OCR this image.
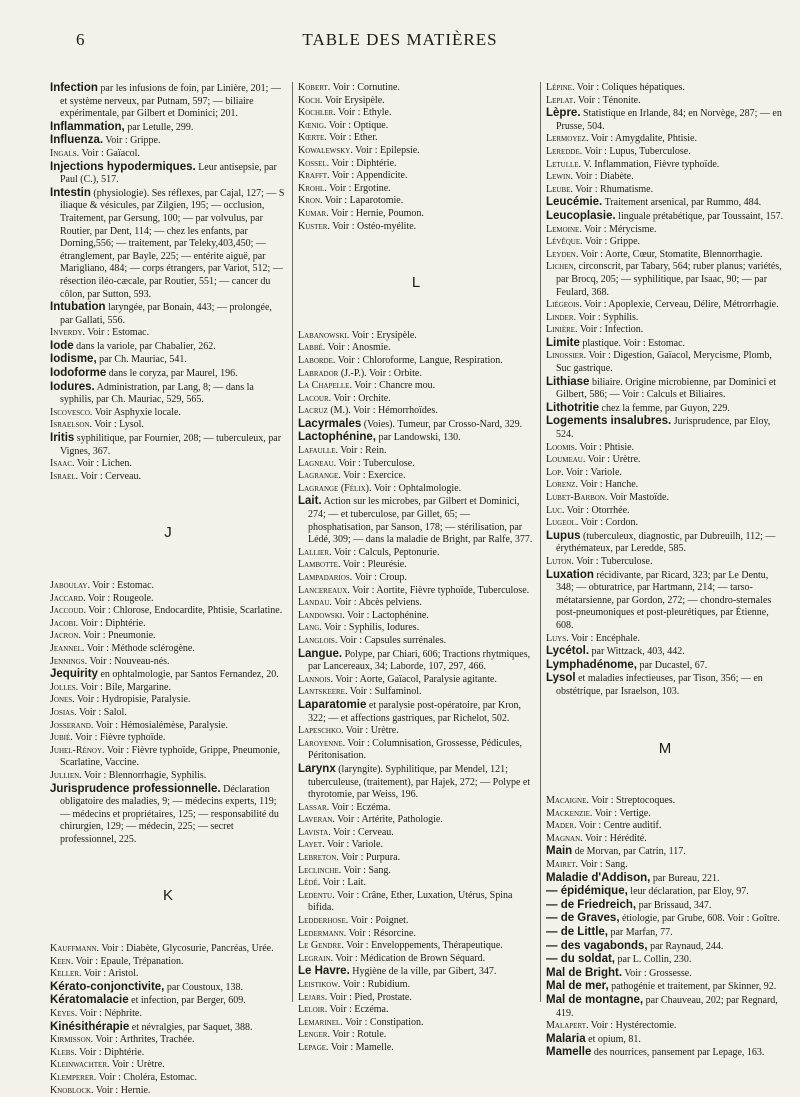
6	TABLE DES MATIÈRES

Infection par les infusions de foin, par Linière, 201; — et système nerveux, par Putnam, 597; — biliaire expérimentale, par Gilbert et Dominici; 201.

Inflammation, par Letulle, 299.

Influenza. Voir : Grippe.

Ingals. Voir : Gaïacol.

Injections hypodermiques. Leur antisepsie, par Paul (C.), 517.

Intestin (physiologie). Ses réflexes, par Cajal, 127; — S iliaque & vésicules, par Zilgien, 195; — occlusion, Traitement, par Gersung, 100; — par volvulus, par Routier, par Dent, 114; — chez les enfants, par Dorning,556; — traitement, par Teleky,403,450; — étranglement, par Bayle, 225; — entérite aiguë, par Marigliano, 484; — corps étrangers, par Variot, 512; — résection iléo-cæcale, par Routier, 551; — cancer du côlon, par Sutton, 593.

Intubation laryngée, par Bonain, 443; — prolongée, par Gallati, 556.

Inverdy. Voir : Estomac.

Iode dans la variole, par Chabalier, 262.

Iodisme, par Ch. Mauriac, 541.

Iodoforme dans le coryza, par Maurel, 196.

Iodures. Administration, par Lang, 8; — dans la syphilis, par Ch. Mauriac, 529, 565.

Iscovesco. Voir Asphyxie locale.

Israelson. Voir : Lysol.

Iritis syphilitique, par Fournier, 208; — tuberculeux, par Vignes, 367.

Isaac. Voir : Lichen.

Israel. Voir : Cerveau.

J

Jaboulay. Voir : Estomac.

Jaccard. Voir : Rougeole.

Jaccoud. Voir : Chlorose, Endocardite, Phtisie, Scarlatine.

Jacobi. Voir : Diphtérie.

Jacron. Voir : Pneumonie.

Jeannel. Voir : Méthode sclérogène.

Jennings. Voir : Nouveau-nés.

Jequirity en ophtalmologie, par Santos Fernandez, 20.

Jolles. Voir : Bile, Margarine.

Jones. Voir : Hydropisie, Paralysie.

Josias. Voir : Salol.

Josserand. Voir : Hémosialémèse, Paralysie.

Jubié. Voir : Fièvre typhoïde.

Juhel-Rénoy. Voir : Fièvre typhoïde, Grippe, Pneumonie, Scarlatine, Vaccine.

Jullien. Voir : Blennorrhagie, Syphilis.

Jurisprudence professionnelle. Déclaration obligatoire des maladies, 9; — médecins experts, 119; — médecins et propriétaires, 125; — responsabilité du chirurgien, 129; — médecin, 225; — secret professionnel, 225.

K

Kauffmann. Voir : Diabète, Glycosurie, Pancréas, Urée.

Keen. Voir : Epaule, Trépanation.

Keller. Voir : Aristol.

Kérato-conjonctivite, par Coustoux, 138.

Kératomalacie et infection, par Berger, 609.

Keyes. Voir : Néphrite.

Kinésithérapie et névralgies, par Saquet, 388.

Kirmisson. Voir : Arthrites, Trachée.

Klebs. Voir : Diphtérie.

Kleinwachter. Voir : Urètre.

Klemperer. Voir : Choléra, Estomac.

Knoblock. Voir : Hernie.

Kobert. Voir : Cornutine.

Koch. Voir Erysipèle.

Kochler. Voir : Ethyle.

Kœnig. Voir : Optique.

Kœrte. Voir : Ether.

Kowalewsky. Voir : Epilepsie.

Kossel. Voir : Diphtérie.

Krafft. Voir : Appendicite.

Krohl. Voir : Ergotine.

Kron. Voir : Laparotomie.

Kumar. Voir : Hernie, Poumon.

Kuster. Voir : Ostéo-myélite.

L

Labanowski. Voir : Erysipèle.

Labbé. Voir : Anosmie.

Laborde. Voir : Chloroforme, Langue, Respiration.

Labrador (J.-P.). Voir : Orbite.

La Chapelle. Voir : Chancre mou.

Lacour. Voir : Orchite.

Lacruz (M.). Voir : Hémorrhoïdes.

Lacyrmales (Voies). Tumeur, par Crosso-Nard, 329.

Lactophénine, par Landowski, 130.

Lafaulle. Voir : Rein.

Lagneau. Voir : Tuberculose.

Lagrange. Voir : Exercice.

Lagrange (Félix). Voir : Ophtalmologie.

Lait. Action sur les microbes, par Gilbert et Dominici, 274; — et tuberculose, par Gillet, 65; — phosphatisation, par Sanson, 178; — stérilisation, par Lédé, 309; — dans la maladie de Bright, par Ralfe, 377.

Lallier. Voir : Calculs, Peptonurie.

Lambotte. Voir : Pleurésie.

Lampadarios. Voir : Croup.

Lancereaux. Voir : Aortite, Fièvre typhoïde, Tuberculose.

Landau. Voir : Abcès pelviens.

Landowski. Voir : Lactophénine.

Lang. Voir : Syphilis, Iodures.

Langlois. Voir : Capsules surrénales.

Langue. Polype, par Chiari, 606; Tractions rhytmiques, par Lancereaux, 34; Laborde, 107, 297, 466.

Lannois. Voir : Aorte, Gaïacol, Paralysie agitante.

Lantskeere. Voir : Sulfaminol.

Laparatomie et paralysie post-opératoire, par Kron, 322; — et affections gastriques, par Richelot, 502.

Lapeschko. Voir : Urètre.

Laroyenne. Voir : Columnisation, Grossesse, Pédicules, Péritonisation.

Larynx (laryngite). Syphilitique, par Mendel, 121; tuberculeuse, (traitement), par Hajek, 272; — Polype et thyrotomie, par Weiss, 196.

Lassar. Voir : Eczéma.

Laveran. Voir : Artérite, Pathologie.

Lavista. Voir : Cerveau.

Layet. Voir : Variole.

Lebreton. Voir : Purpura.

Leclinche. Voir : Sang.

Lédé. Voir : Lait.

Ledentu. Voir : Crâne, Ether, Luxation, Utérus, Spina bifida.

Ledderhose. Voir : Poignet.

Ledermann. Voir : Résorcine.

Le Gendre. Voir : Enveloppements, Thérapeutique.

Legrain. Voir : Médication de Brown Séquard.

Le Havre. Hygiène de la ville, par Gibert, 347.

Leistikow. Voir : Rubidium.

Lejars. Voir : Pied, Prostate.

Leloir. Voir : Eczéma.

Lemarinel. Voir : Constipation.

Lenger. Voir : Rotule.

Lepage. Voir : Mamelle.

Lépine. Voir : Coliques hépatiques.

Leplat. Voir : Ténonite.

Lèpre. Statistique en Irlande, 84; en Norvège, 287; — en Prusse, 504.

Lermoyez. Voir : Amygdalite, Phtisie.

Leredde. Voir : Lupus, Tuberculose.

Letulle. V. Inflammation, Fièvre typhoïde.

Lewin. Voir : Diabète.

Leube. Voir : Rhumatisme.

Leucémie. Traitement arsenical, par Rummo, 484.

Leucoplasie. linguale prétabétique, par Toussaint, 157.

Lemoine. Voir : Mérycisme.

Lévêque. Voir : Grippe.

Leyden. Voir : Aorte, Cœur, Stomatite, Blennorrhagie.

Lichen, circonscrit, par Tabary, 564; ruber planus; variétés, par Brocq, 205; — syphilitique, par Isaac, 90; — par Feulard, 368.

Liégeois. Voir : Apoplexie, Cerveau, Délire, Métrorrhagie.

Linder. Voir : Syphilis.

Linière. Voir : Infection.

Limite plastique. Voir : Estomac.

Linossier. Voir : Digestion, Gaïacol, Merycisme, Plomb, Suc gastrique.

Lithiase biliaire. Origine microbienne, par Dominici et Gilbert, 586; — Voir : Calculs et Biliaires.

Lithotritie chez la femme, par Guyon, 229.

Logements insalubres. Jurisprudence, par Eloy, 524.

Loomis. Voir : Phtisie.

Loumeau. Voir : Urètre.

Lop. Voir : Variole.

Lorenz. Voir : Hanche.

Lubet-Barbon. Voir Mastoïde.

Luc. Voir : Otorrhée.

Lugeol. Voir : Cordon.

Lupus (tuberculeux, diagnostic, par Dubreuilh, 112; — érythémateux, par Leredde, 585.

Luton. Voir : Tuberculose.

Luxation récidivante, par Ricard, 323; par Le Dentu, 348; — obturatrice, par Hartmann, 214; — tarso-métatarsienne, par Gordon, 272; — chondro-sternales post-pneumoniques et post-pleurétiques, par Étienne, 608.

Luys. Voir : Encéphale.

Lycétol. par Wittzack, 403, 442.

Lymphadénome, par Ducastel, 67.

Lysol et maladies infectieuses, par Tison, 356; — en obstétrique, par Israelson, 103.

M

Macaigne. Voir : Streptocoques.

Mackenzie. Voir : Vertige.

Mader. Voir : Centre auditif.

Magnan. Voir : Hérédité.

Main de Morvan, par Catrin, 117.

Mairet. Voir : Sang.

Maladie d'Addison, par Bureau, 221.

— épidémique, leur déclaration, par Eloy, 97.

— de Friedreich, par Brissaud, 347.

— de Graves, étiologie, par Grube, 608. Voir : Goître.

— de Little, par Marfan, 77.

— des vagabonds, par Raynaud, 244.

— du soldat, par L. Collin, 230.

Mal de Bright. Voir : Grossesse.

Mal de mer, pathogénie et traitement, par Skinner, 92.

Mal de montagne, par Chauveau, 202; par Regnard, 419.

Malapert. Voir : Hystérectomie.

Malaria et opium, 81.

Mamelle des nourrices, pansement par Lepage, 163.
